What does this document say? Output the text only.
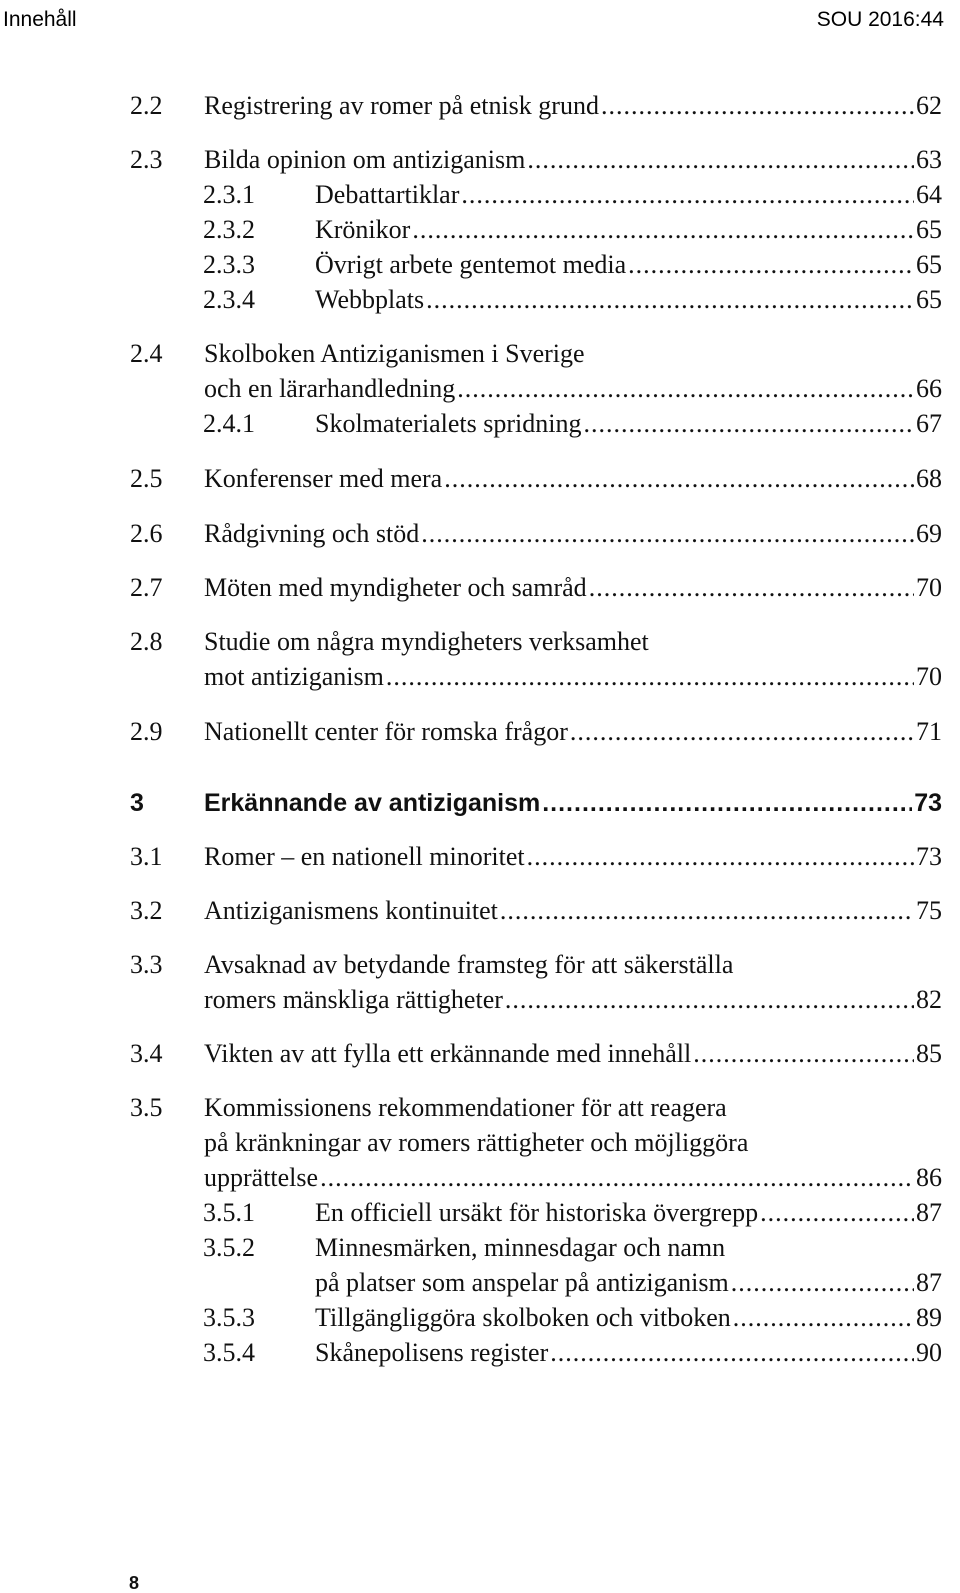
Innehåll	SOU 2016:44
2.2 Registrering av romer på etnisk grund .....	62
2.3 Bilda opinion om antiziganism .....	63
2.3.1 Debattartiklar .....	64
2.3.2 Krönikor .....	65
2.3.3 Övrigt arbete gentemot media .....	65
2.3.4 Webbplats .....	65
2.4 Skolboken Antiziganismen i Sverige
och en lärarhandledning .....	66
2.4.1 Skolmaterialets spridning .....	67
2.5 Konferenser med mera .....	68
2.6 Rådgivning och stöd .....	69
2.7 Möten med myndigheter och samråd .....	70
2.8 Studie om några myndigheters verksamhet
mot antiziganism .....	70
2.9 Nationellt center för romska frågor .....	71
3 Erkännande av antiziganism .....	73
3.1 Romer – en nationell minoritet .....	73
3.2 Antiziganismens kontinuitet .....	75
3.3 Avsaknad av betydande framsteg för att säkerställa
romers mänskliga rättigheter .....	82
3.4 Vikten av att fylla ett erkännande med innehåll .....	85
3.5 Kommissionens rekommendationer för att reagera
på kränkningar av romers rättigheter och möjliggöra
upprättelse .....	86
3.5.1 En officiell ursäkt för historiska övergrepp .....	87
3.5.2 Minnesmärken, minnesdagar och namn
på platser som anspelar på antiziganism .....	87
3.5.3 Tillgängliggöra skolboken och vitboken .....	89
3.5.4 Skånepolisens register .....	90
8
